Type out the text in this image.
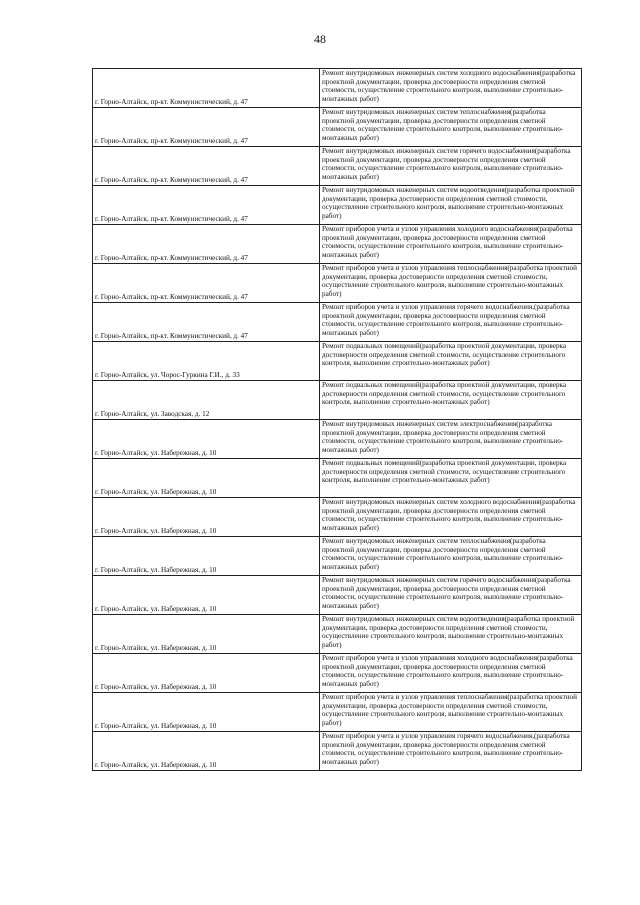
48
г. Горно-Алтайск, пр-кт. Коммунистический, д. 47	Ремонт внутридомовых инженерных систем холодного водоснабжения(разработка проектной документации, проверка достоверности определения сметной стоимости, осуществление строительного контроля, выполнение строительно-монтажных работ)
г. Горно-Алтайск, пр-кт. Коммунистический, д. 47	Ремонт внутридомовых инженерных систем теплоснабжения(разработка проектной документации, проверка достоверности определения сметной стоимости, осуществление строительного контроля, выполнение строительно-монтажных работ)
г. Горно-Алтайск, пр-кт. Коммунистический, д. 47	Ремонт внутридомовых инженерных систем горячего водоснабжения(разработка проектной документации, проверка достоверности определения сметной стоимости, осуществление строительного контроля, выполнение строительно-монтажных работ)
г. Горно-Алтайск, пр-кт. Коммунистический, д. 47	Ремонт внутридомовых инженерных систем водоотведения(разработка проектной документации, проверка достоверности определения сметной стоимости, осуществление строительного контроля, выполнение строительно-монтажных работ)
г. Горно-Алтайск, пр-кт. Коммунистический, д. 47	Ремонт приборов учета и узлов управления холодного водоснабжения(разработка проектной документации, проверка достоверности определения сметной стоимости, осуществление строительного контроля, выполнение строительно-монтажных работ)
г. Горно-Алтайск, пр-кт. Коммунистический, д. 47	Ремонт приборов учета и узлов управления теплоснабжения(разработка проектной документации, проверка достоверности определения сметной стоимости, осуществление строительного контроля, выполнение строительно-монтажных работ)
г. Горно-Алтайск, пр-кт. Коммунистический, д. 47	Ремонт приборов учета и узлов управления горячего водоснабжения,(разработка проектной документации, проверка достоверности определения сметной стоимости, осуществление строительного контроля, выполнение строительно-монтажных работ)
г. Горно-Алтайск, ул. Чорос-Гуркина Г.И., д. 33	Ремонт подвальных помещений(разработка проектной документации, проверка достоверности определения сметной стоимости, осуществление строительного контроля, выполнение строительно-монтажных работ)
г. Горно-Алтайск, ул. Заводская, д. 12	Ремонт подвальных помещений(разработка проектной документации, проверка достоверности определения сметной стоимости, осуществление строительного контроля, выполнение строительно-монтажных работ)
г. Горно-Алтайск, ул. Набережная, д. 10	Ремонт внутридомовых инженерных систем электроснабжения(разработка проектной документации, проверка достоверности определения сметной стоимости, осуществление строительного контроля, выполнение строительно-монтажных работ)
г. Горно-Алтайск, ул. Набережная, д. 10	Ремонт подвальных помещений(разработка проектной документации, проверка достоверности определения сметной стоимости, осуществление строительного контроля, выполнение строительно-монтажных работ)
г. Горно-Алтайск, ул. Набережная, д. 10	Ремонт внутридомовых инженерных систем холодного водоснабжения(разработка проектной документации, проверка достоверности определения сметной стоимости, осуществление строительного контроля, выполнение строительно-монтажных работ)
г. Горно-Алтайск, ул. Набережная, д. 10	Ремонт внутридомовых инженерных систем теплоснабжения(разработка проектной документации, проверка достоверности определения сметной стоимости, осуществление строительного контроля, выполнение строительно-монтажных работ)
г. Горно-Алтайск, ул. Набережная, д. 10	Ремонт внутридомовых инженерных систем горячего водоснабжения(разработка проектной документации, проверка достоверности определения сметной стоимости, осуществление строительного контроля, выполнение строительно-монтажных работ)
г. Горно-Алтайск, ул. Набережная, д. 10	Ремонт внутридомовых инженерных систем водоотведения(разработка проектной документации, проверка достоверности определения сметной стоимости, осуществление строительного контроля, выполнение строительно-монтажных работ)
г. Горно-Алтайск, ул. Набережная, д. 10	Ремонт приборов учета и узлов управления холодного водоснабжения(разработка проектной документации, проверка достоверности определения сметной стоимости, осуществление строительного контроля, выполнение строительно-монтажных работ)
г. Горно-Алтайск, ул. Набережная, д. 10	Ремонт приборов учета и узлов управления теплоснабжения(разработка проектной документации, проверка достоверности определения сметной стоимости, осуществление строительного контроля, выполнение строительно-монтажных работ)
г. Горно-Алтайск, ул. Набережная, д. 10	Ремонт приборов учета и узлов управления горячего водоснабжения,(разработка проектной документации, проверка достоверности определения сметной стоимости, осуществление строительного контроля, выполнение строительно-монтажных работ)
